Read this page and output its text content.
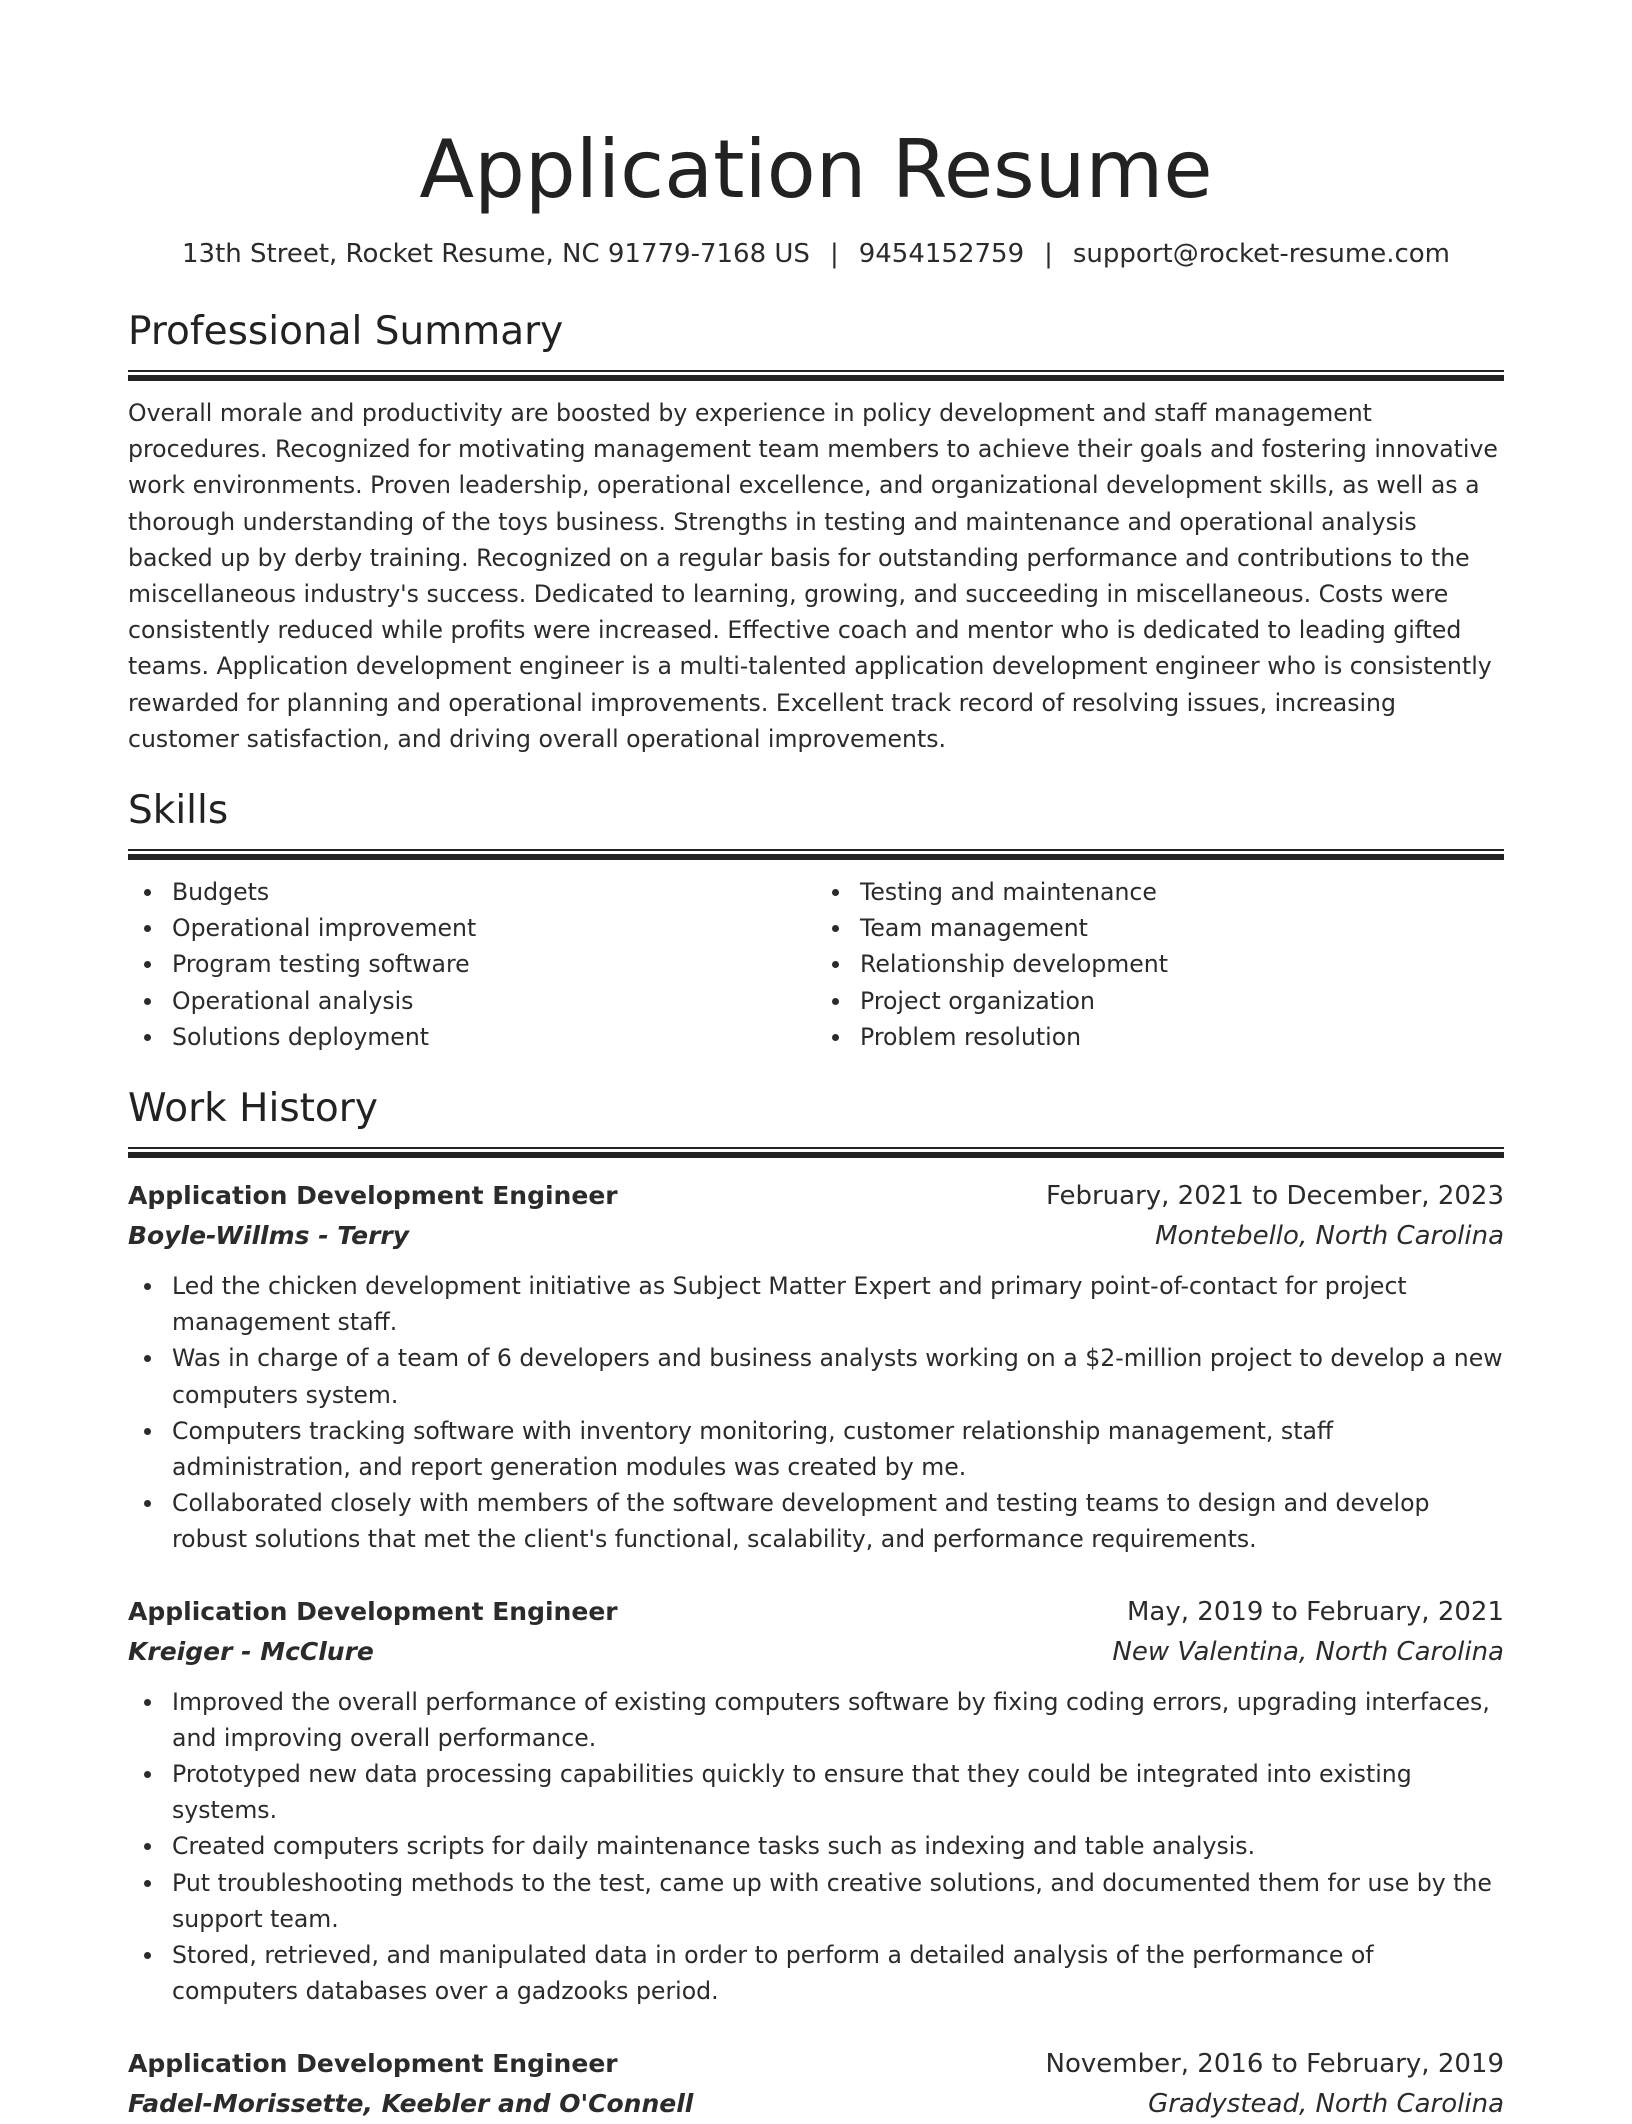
Application Resume
13th Street, Rocket Resume, NC 91779-7168 US | 9454152759 | support@rocket-resume.com
Professional Summary

Overall morale and productivity are boosted by experience in policy development and staff management procedures. Recognized for motivating management team members to achieve their goals and fostering innovative work environments. Proven leadership, operational excellence, and organizational development skills, as well as a thorough understanding of the toys business. Strengths in testing and maintenance and operational analysis backed up by derby training. Recognized on a regular basis for outstanding performance and contributions to the miscellaneous industry's success. Dedicated to learning, growing, and succeeding in miscellaneous. Costs were consistently reduced while profits were increased. Effective coach and mentor who is dedicated to leading gifted teams. Application development engineer is a multi-talented application development engineer who is consistently rewarded for planning and operational improvements. Excellent track record of resolving issues, increasing customer satisfaction, and driving overall operational improvements.

Skills
Budgets
Operational improvement
Program testing software
Operational analysis
Solutions deployment
Testing and maintenance
Team management
Relationship development
Project organization
Problem resolution
Work History
Application Development Engineer	February, 2021 to December, 2023
Boyle-Willms - Terry	Montebello, North Carolina
Led the chicken development initiative as Subject Matter Expert and primary point-of-contact for project management staff.
Was in charge of a team of 6 developers and business analysts working on a $2-million project to develop a new computers system.
Computers tracking software with inventory monitoring, customer relationship management, staff administration, and report generation modules was created by me.
Collaborated closely with members of the software development and testing teams to design and develop robust solutions that met the client's functional, scalability, and performance requirements.
Application Development Engineer	May, 2019 to February, 2021
Kreiger - McClure	New Valentina, North Carolina
Improved the overall performance of existing computers software by fixing coding errors, upgrading interfaces, and improving overall performance.
Prototyped new data processing capabilities quickly to ensure that they could be integrated into existing systems.
Created computers scripts for daily maintenance tasks such as indexing and table analysis.
Put troubleshooting methods to the test, came up with creative solutions, and documented them for use by the support team.
Stored, retrieved, and manipulated data in order to perform a detailed analysis of the performance of computers databases over a gadzooks period.
Application Development Engineer	November, 2016 to February, 2019
Fadel-Morissette, Keebler and O'Connell	Gradystead, North Carolina
